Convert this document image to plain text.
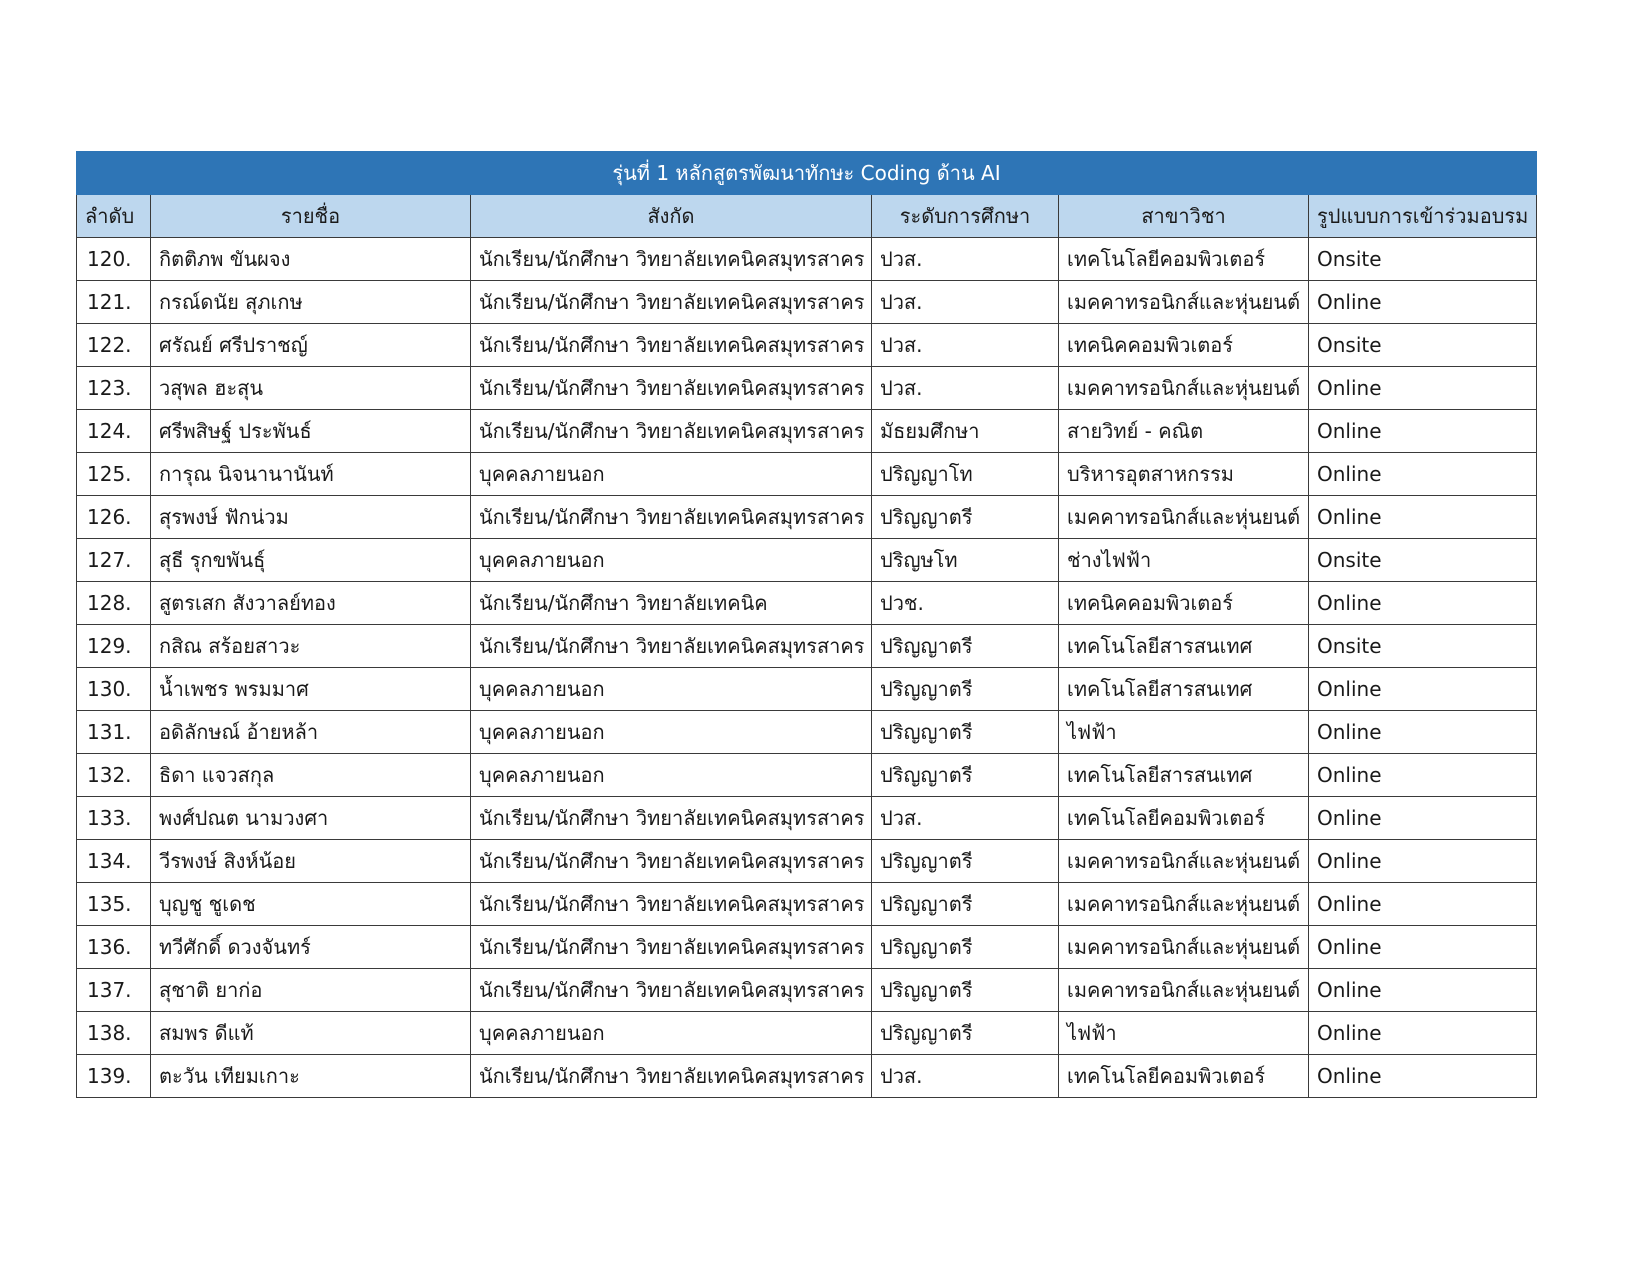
รุ่นที่ 1 หลักสูตรพัฒนาทักษะ Coding ด้าน AI					
ลำดับ	รายชื่อ	สังกัด	ระดับการศึกษา	สาขาวิชา	รูปแบบการเข้าร่วมอบรม
120.	กิตติภพ ขันผจง	นักเรียน/นักศึกษา วิทยาลัยเทคนิคสมุทรสาคร	ปวส.	เทคโนโลยีคอมพิวเตอร์	Onsite
121.	กรณ์ดนัย สุภเกษ	นักเรียน/นักศึกษา วิทยาลัยเทคนิคสมุทรสาคร	ปวส.	เมคคาทรอนิกส์และหุ่นยนต์	Online
122.	ศรัณย์ ศรีปราชญ์	นักเรียน/นักศึกษา วิทยาลัยเทคนิคสมุทรสาคร	ปวส.	เทคนิคคอมพิวเตอร์	Onsite
123.	วสุพล ฮะสุน	นักเรียน/นักศึกษา วิทยาลัยเทคนิคสมุทรสาคร	ปวส.	เมคคาทรอนิกส์และหุ่นยนต์	Online
124.	ศรีพสิษฐ์ ประพันธ์	นักเรียน/นักศึกษา วิทยาลัยเทคนิคสมุทรสาคร	มัธยมศึกษา	สายวิทย์ - คณิต	Online
125.	การุณ นิจนานานันท์	บุคคลภายนอก	ปริญญาโท	บริหารอุตสาหกรรม	Online
126.	สุรพงษ์ ฟักน่วม	นักเรียน/นักศึกษา วิทยาลัยเทคนิคสมุทรสาคร	ปริญญาตรี	เมคคาทรอนิกส์และหุ่นยนต์	Online
127.	สุธี รุกขพันธุ์	บุคคลภายนอก	ปริญษโท	ช่างไฟฟ้า	Onsite
128.	สูตรเสก สังวาลย์ทอง	นักเรียน/นักศึกษา วิทยาลัยเทคนิค	ปวช.	เทคนิคคอมพิวเตอร์	Online
129.	กสิณ สร้อยสาวะ	นักเรียน/นักศึกษา วิทยาลัยเทคนิคสมุทรสาคร	ปริญญาตรี	เทคโนโลยีสารสนเทศ	Onsite
130.	น้ำเพชร พรมมาศ	บุคคลภายนอก	ปริญญาตรี	เทคโนโลยีสารสนเทศ	Online
131.	อดิลักษณ์ อ้ายหล้า	บุคคลภายนอก	ปริญญาตรี	ไฟฟ้า	Online
132.	ธิดา แจวสกุล	บุคคลภายนอก	ปริญญาตรี	เทคโนโลยีสารสนเทศ	Online
133.	พงศ์ปณต นามวงศา	นักเรียน/นักศึกษา วิทยาลัยเทคนิคสมุทรสาคร	ปวส.	เทคโนโลยีคอมพิวเตอร์	Online
134.	วีรพงษ์ สิงห์น้อย	นักเรียน/นักศึกษา วิทยาลัยเทคนิคสมุทรสาคร	ปริญญาตรี	เมคคาทรอนิกส์และหุ่นยนต์	Online
135.	บุญชู ชูเดช	นักเรียน/นักศึกษา วิทยาลัยเทคนิคสมุทรสาคร	ปริญญาตรี	เมคคาทรอนิกส์และหุ่นยนต์	Online
136.	ทวีศักดิ์ ดวงจันทร์	นักเรียน/นักศึกษา วิทยาลัยเทคนิคสมุทรสาคร	ปริญญาตรี	เมคคาทรอนิกส์และหุ่นยนต์	Online
137.	สุชาติ ยาก่อ	นักเรียน/นักศึกษา วิทยาลัยเทคนิคสมุทรสาคร	ปริญญาตรี	เมคคาทรอนิกส์และหุ่นยนต์	Online
138.	สมพร ดีแท้	บุคคลภายนอก	ปริญญาตรี	ไฟฟ้า	Online
139.	ตะวัน เทียมเกาะ	นักเรียน/นักศึกษา วิทยาลัยเทคนิคสมุทรสาคร	ปวส.	เทคโนโลยีคอมพิวเตอร์	Online
